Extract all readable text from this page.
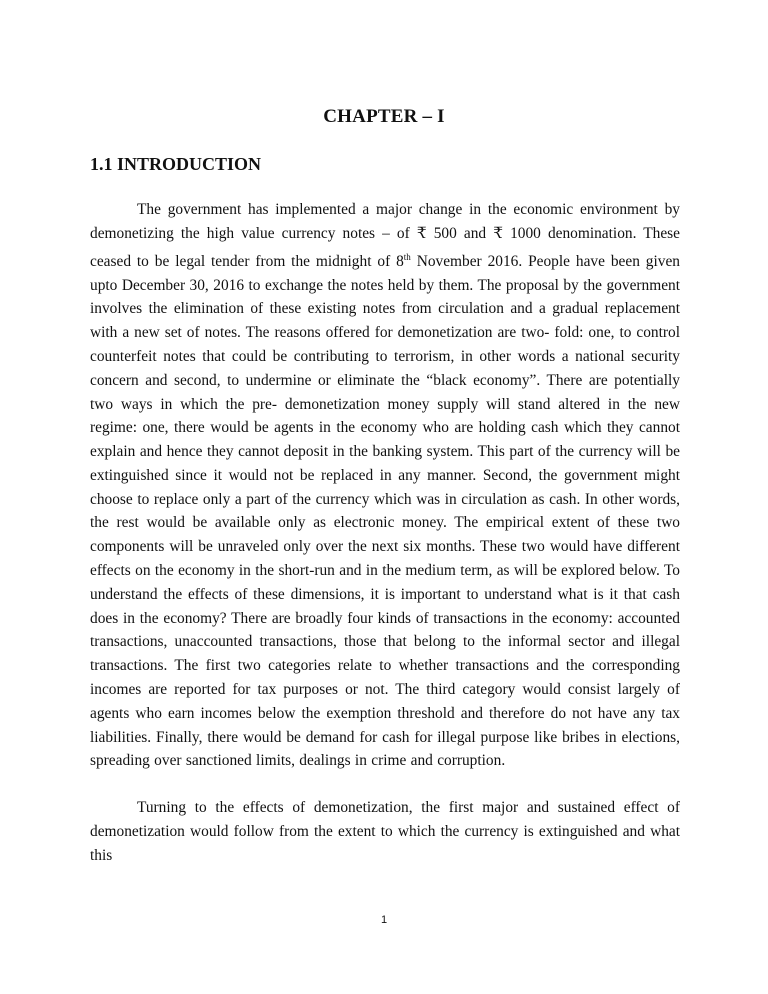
CHAPTER – I
1.1 INTRODUCTION

The government has implemented a major change in the economic environment by demonetizing the high value currency notes – of ₹ 500 and ₹ 1000 denomination. These ceased to be legal tender from the midnight of 8th November 2016. People have been given upto December 30, 2016 to exchange the notes held by them. The proposal by the government involves the elimination of these existing notes from circulation and a gradual replacement with a new set of notes. The reasons offered for demonetization are two- fold: one, to control counterfeit notes that could be contributing to terrorism, in other words a national security concern and second, to undermine or eliminate the “black economy”. There are potentially two ways in which the pre- demonetization money supply will stand altered in the new regime: one, there would be agents in the economy who are holding cash which they cannot explain and hence they cannot deposit in the banking system. This part of the currency will be extinguished since it would not be replaced in any manner. Second, the government might choose to replace only a part of the currency which was in circulation as cash. In other words, the rest would be available only as electronic money. The empirical extent of these two components will be unraveled only over the next six months. These two would have different effects on the economy in the short-run and in the medium term, as will be explored below. To understand the effects of these dimensions, it is important to understand what is it that cash does in the economy? There are broadly four kinds of transactions in the economy: accounted transactions, unaccounted transactions, those that belong to the informal sector and illegal transactions. The first two categories relate to whether transactions and the corresponding incomes are reported for tax purposes or not. The third category would consist largely of agents who earn incomes below the exemption threshold and therefore do not have any tax liabilities. Finally, there would be demand for cash for illegal purpose like bribes in elections, spreading over sanctioned limits, dealings in crime and corruption.

Turning to the effects of demonetization, the first major and sustained effect of demonetization would follow from the extent to which the currency is extinguished and what this

1
